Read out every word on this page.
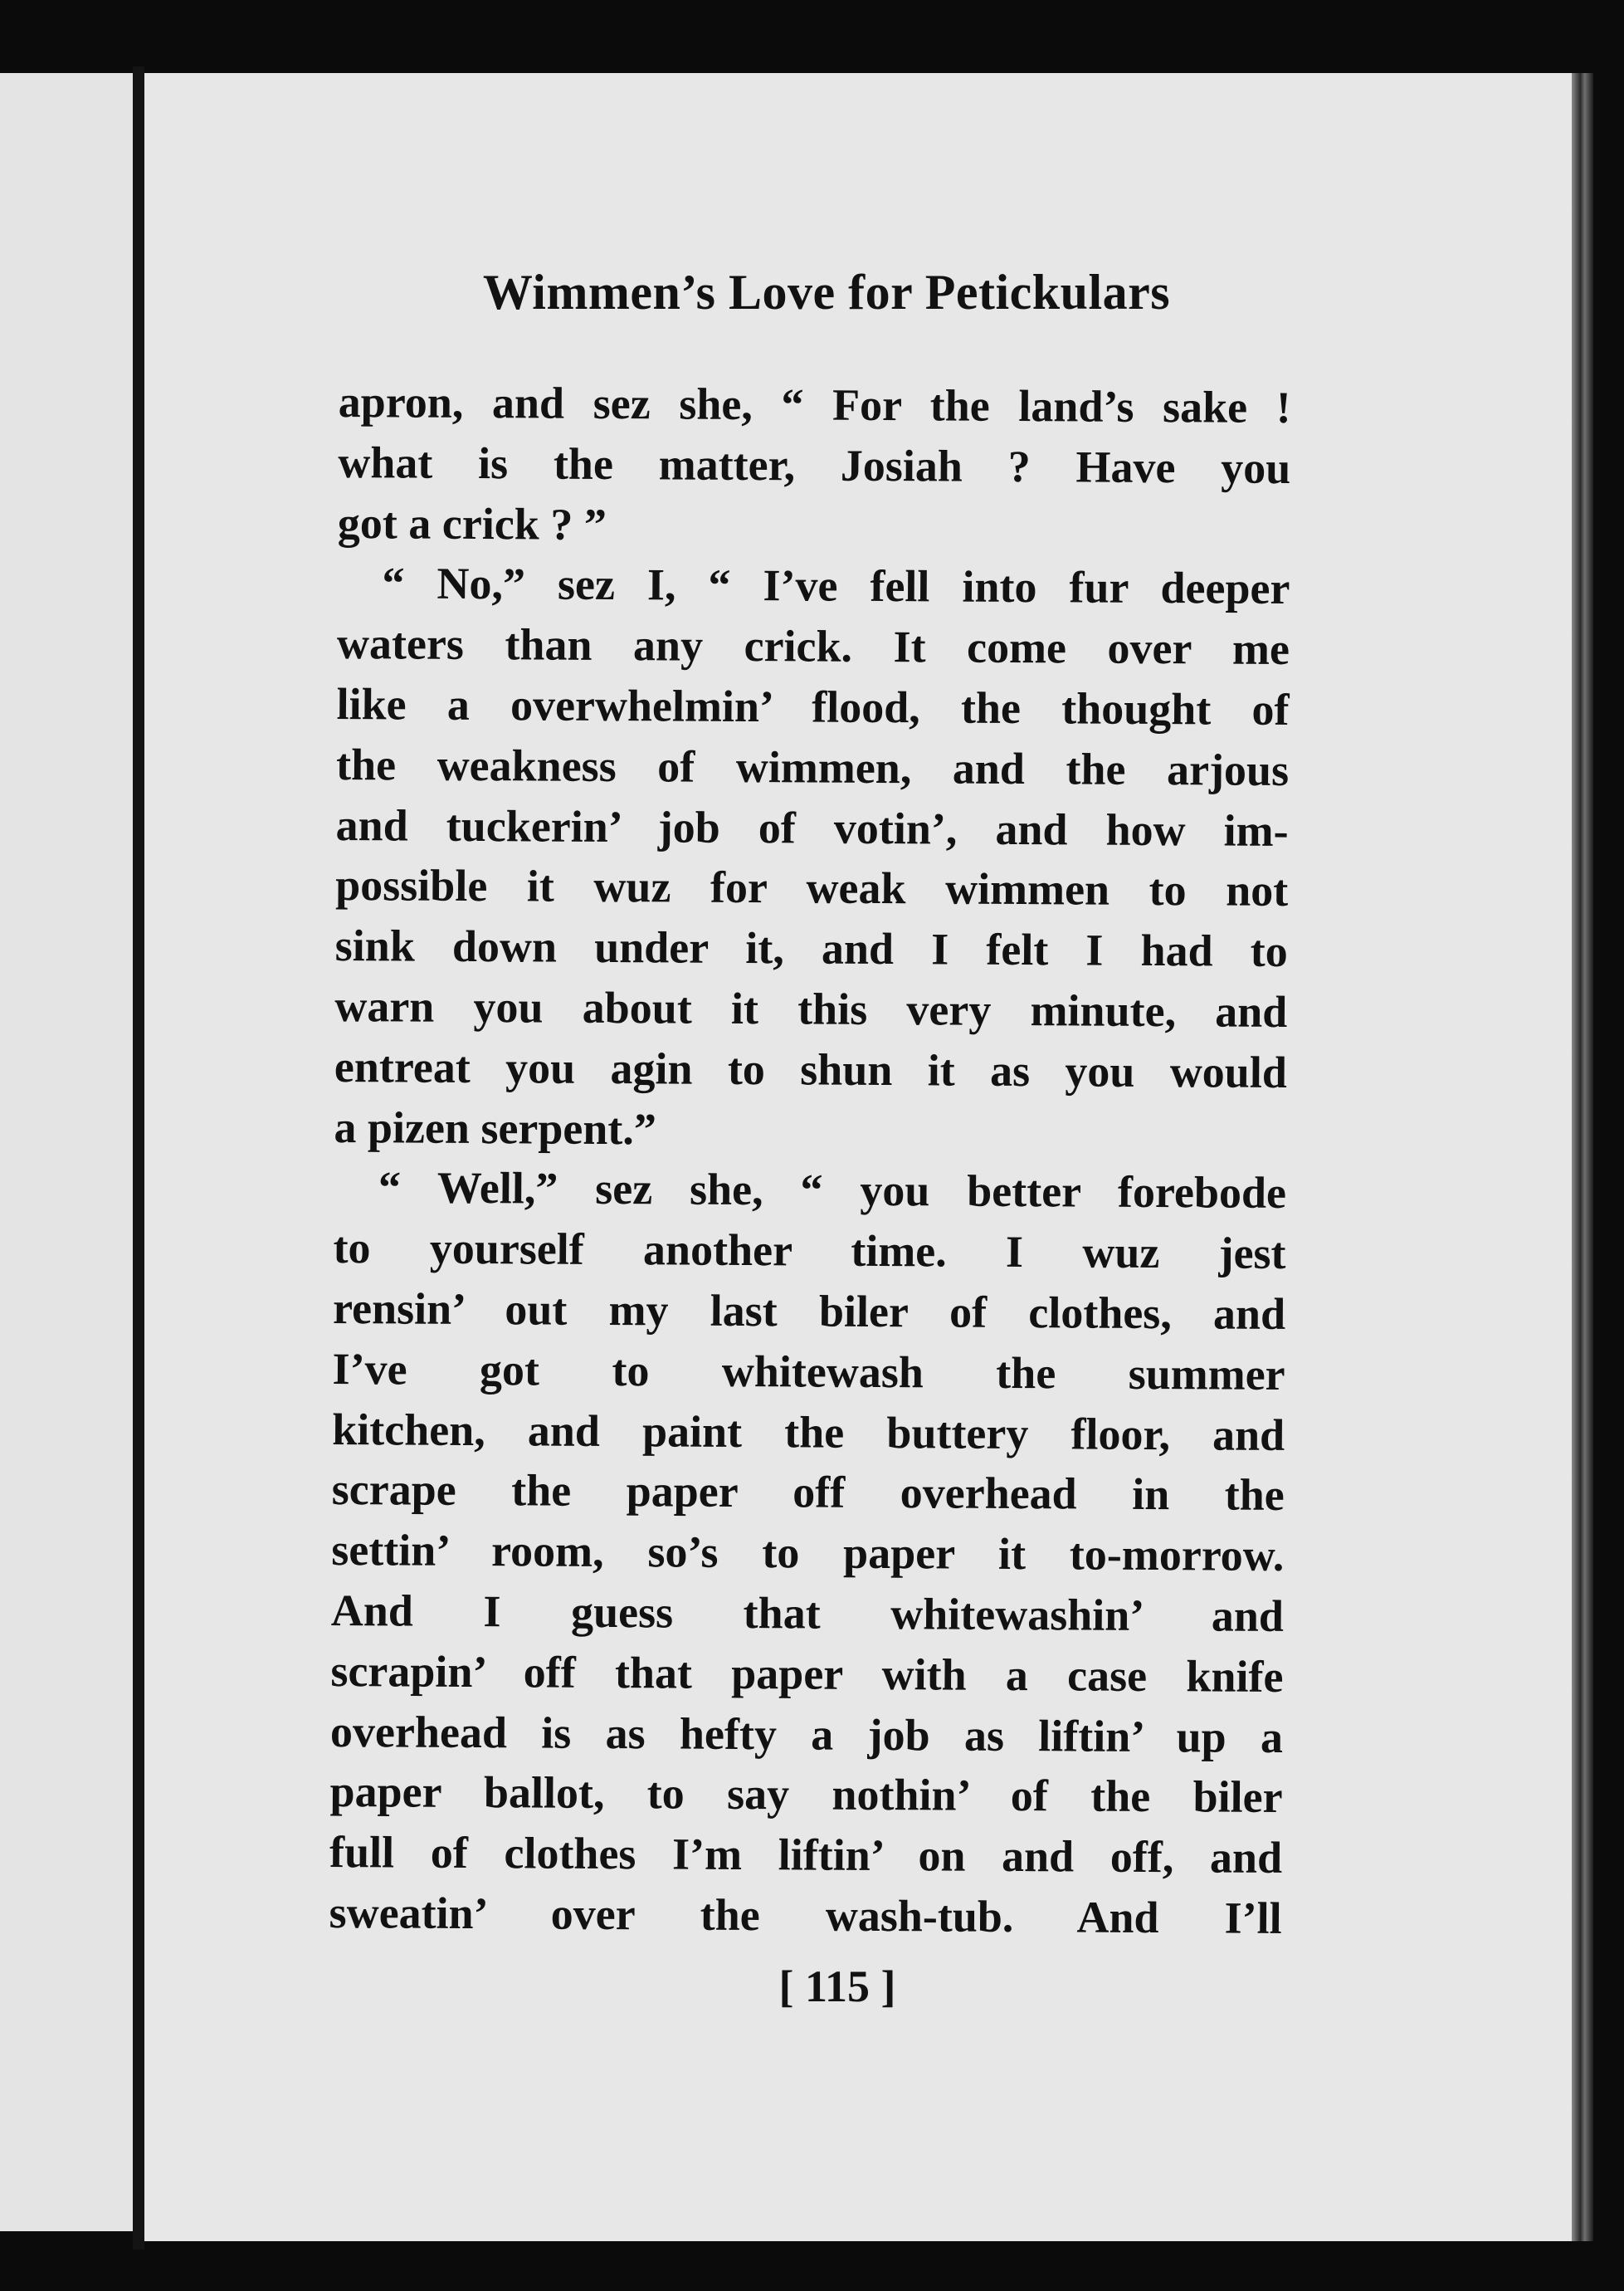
Wimmen’s Love for Petickulars
apron, and sez she, “ For the land’s sake !
what is the matter, Josiah ? Have you
got a crick ? ”
“ No,” sez I, “ I’ve fell into fur deeper
waters than any crick. It come over me
like a overwhelmin’ flood, the thought of
the weakness of wimmen, and the arjous
and tuckerin’ job of votin’, and how im-
possible it wuz for weak wimmen to not
sink down under it, and I felt I had to
warn you about it this very minute, and
entreat you agin to shun it as you would
a pizen serpent.”
“ Well,” sez she, “ you better forebode
to yourself another time. I wuz jest
rensin’ out my last biler of clothes, and
I’ve got to whitewash the summer
kitchen, and paint the buttery floor, and
scrape the paper off overhead in the
settin’ room, so’s to paper it to-morrow.
And I guess that whitewashin’ and
scrapin’ off that paper with a case knife
overhead is as hefty a job as liftin’ up a
paper ballot, to say nothin’ of the biler
full of clothes I’m liftin’ on and off, and
sweatin’ over the wash-tub. And I’ll
[ 115 ]
